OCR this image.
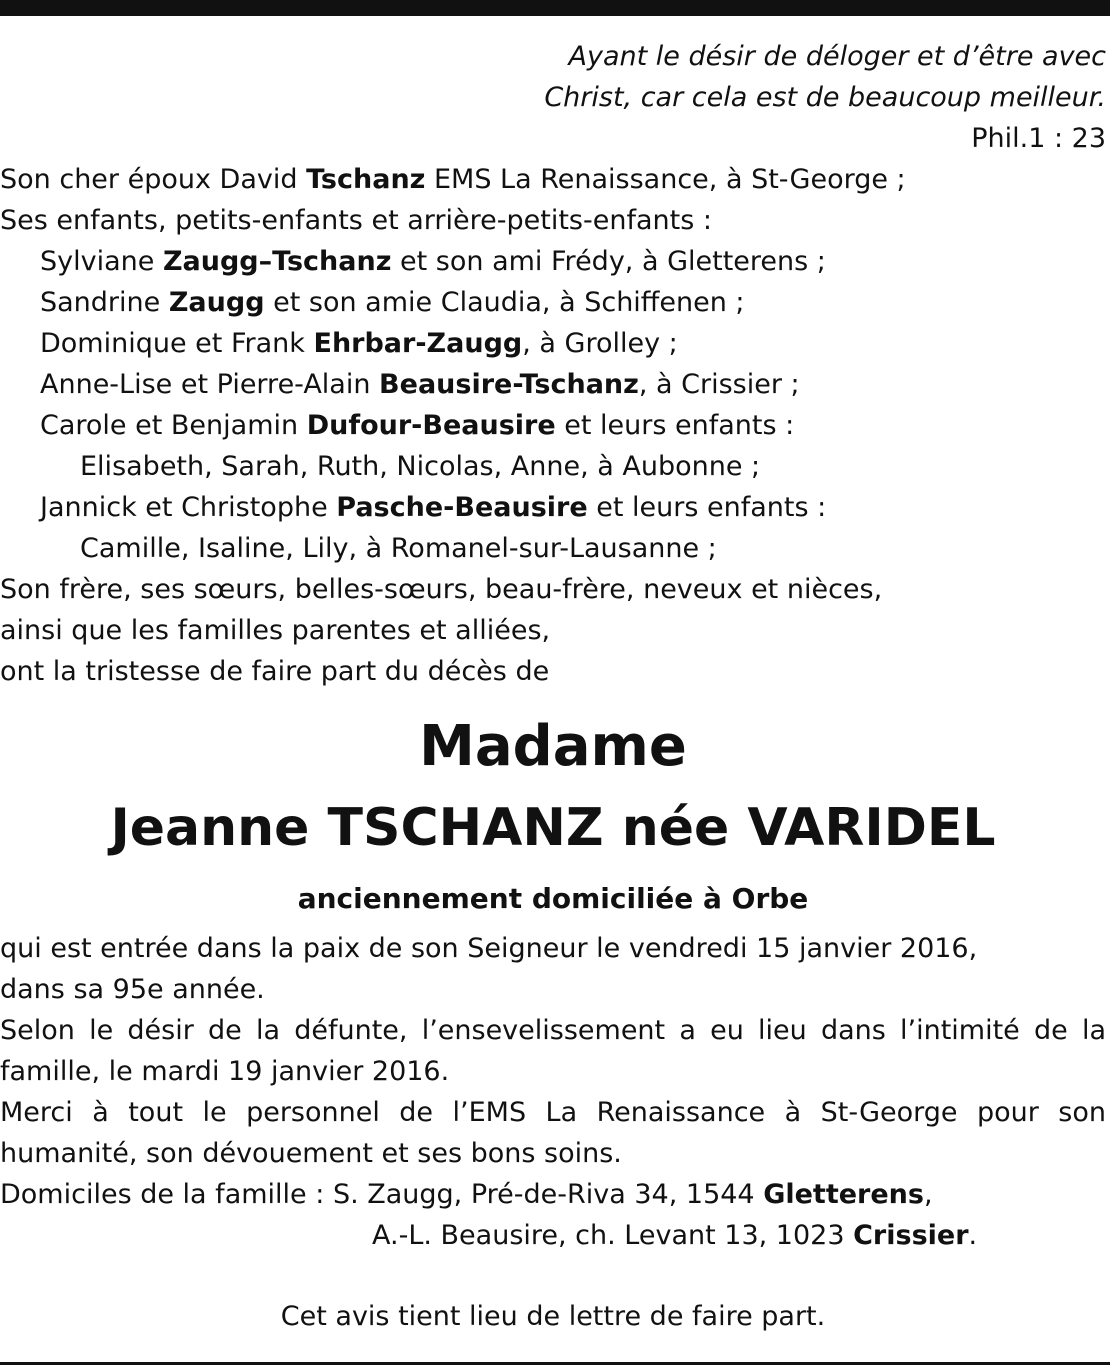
Ayant le désir de déloger et d’être avec
Christ, car cela est de beaucoup meilleur.
Phil.1 : 23
Son cher époux David Tschanz EMS La Renaissance, à St-George ;
Ses enfants, petits-enfants et arrière-petits-enfants :
Sylviane Zaugg–Tschanz et son ami Frédy, à Gletterens ;
Sandrine Zaugg et son amie Claudia, à Schiffenen ;
Dominique et Frank Ehrbar-Zaugg, à Grolley ;
Anne-Lise et Pierre-Alain Beausire-Tschanz, à Crissier ;
Carole et Benjamin Dufour-Beausire et leurs enfants :
Elisabeth, Sarah, Ruth, Nicolas, Anne, à Aubonne ;
Jannick et Christophe Pasche-Beausire et leurs enfants :
Camille, Isaline, Lily, à Romanel-sur-Lausanne ;
Son frère, ses sœurs, belles-sœurs, beau-frère, neveux et nièces,
ainsi que les familles parentes et alliées,
ont la tristesse de faire part du décès de
Madame
Jeanne TSCHANZ née VARIDEL
anciennement domiciliée à Orbe
qui est entrée dans la paix de son Seigneur le vendredi 15 janvier 2016,
dans sa 95e année.
Selon le désir de la défunte, l’ensevelissement a eu lieu dans l’intimité de la famille, le mardi 19 janvier 2016.
Merci à tout le personnel de l’EMS La Renaissance à St-George pour son humanité, son dévouement et ses bons soins.
Domiciles de la famille : S. Zaugg, Pré-de-Riva 34, 1544 Gletterens,
A.-L. Beausire, ch. Levant 13, 1023 Crissier.
Cet avis tient lieu de lettre de faire part.
